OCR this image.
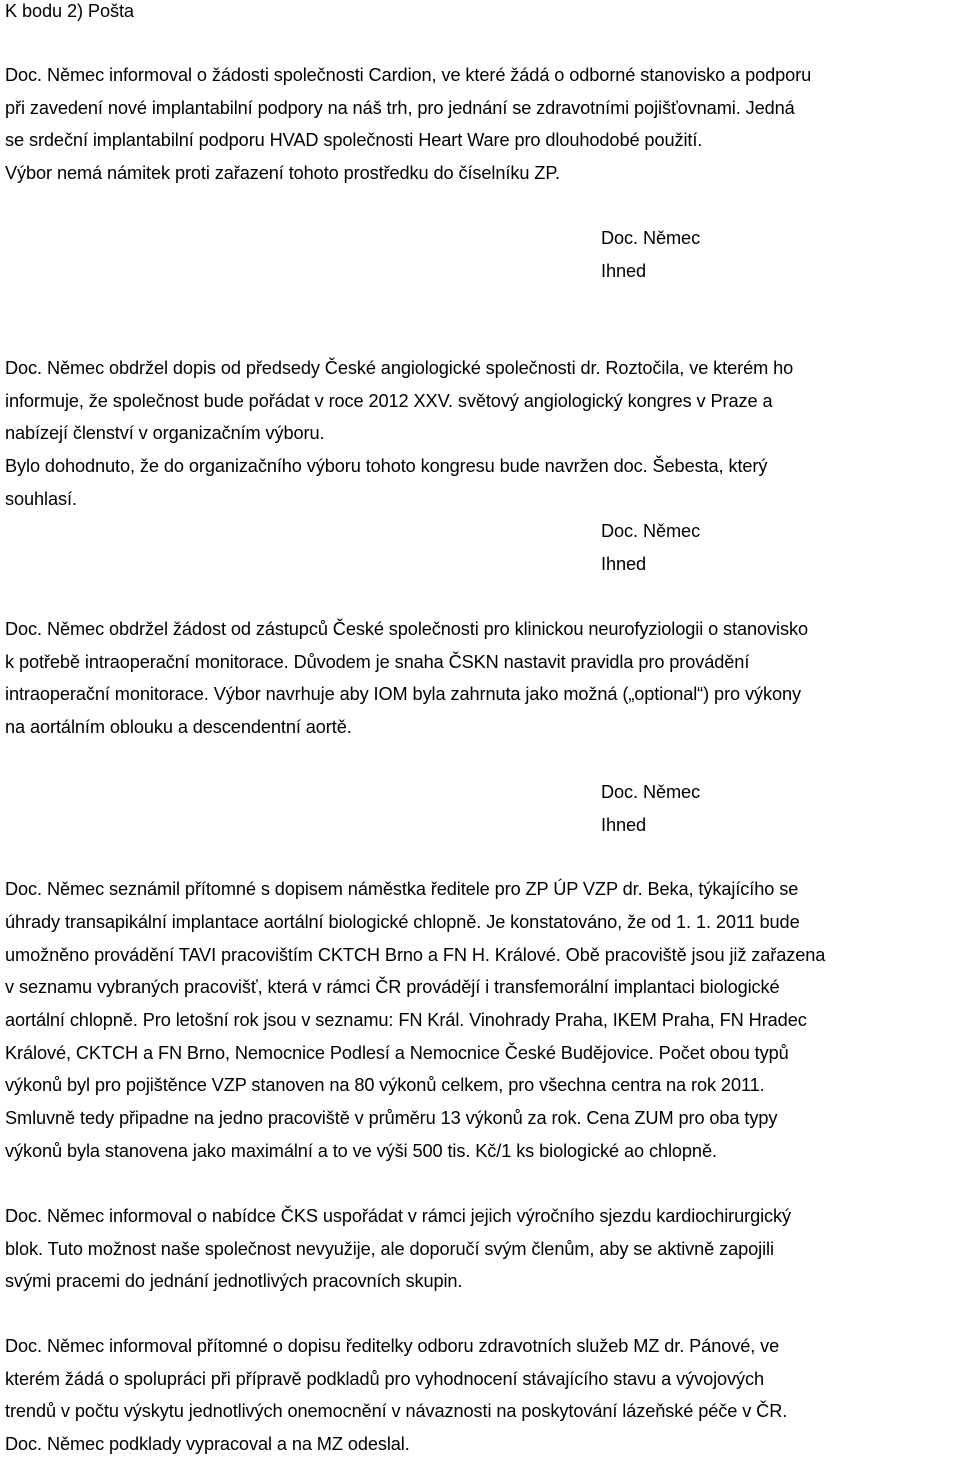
K bodu 2) Pošta
Doc. Němec informoval o žádosti společnosti Cardion, ve které žádá o odborné stanovisko a podporu
při zavedení nové implantabilní podpory na náš trh, pro jednání se zdravotními pojišťovnami. Jedná
se srdeční implantabilní podporu HVAD společnosti Heart Ware pro dlouhodobé použití.
Výbor nemá námitek proti zařazení tohoto prostředku do číselníku ZP.
Doc. Němec
Ihned
Doc. Němec obdržel dopis od předsedy České angiologické společnosti dr. Roztočila, ve kterém ho
informuje, že společnost bude pořádat v roce 2012 XXV. světový angiologický kongres v Praze a
nabízejí členství v organizačním výboru.
Bylo dohodnuto, že do organizačního výboru tohoto kongresu bude navržen doc. Šebesta, který
souhlasí.
Doc. Němec
Ihned
Doc. Němec obdržel žádost od zástupců České společnosti pro klinickou neurofyziologii o stanovisko
k potřebě intraoperační monitorace. Důvodem je snaha ČSKN nastavit pravidla pro provádění
intraoperační monitorace. Výbor navrhuje aby IOM byla zahrnuta jako možná („optional“) pro výkony
na aortálním oblouku a descendentní aortě.
Doc. Němec
Ihned
Doc. Němec seznámil přítomné s dopisem náměstka ředitele pro ZP ÚP VZP dr. Beka, týkajícího se
úhrady transapikální implantace aortální biologické chlopně. Je konstatováno, že od 1. 1. 2011 bude
umožněno provádění TAVI pracovištím CKTCH Brno a FN H. Králové. Obě pracoviště jsou již zařazena
v seznamu vybraných pracovišť, která v rámci ČR provádějí i transfemorální implantaci biologické
aortální chlopně. Pro letošní rok jsou v seznamu: FN Král. Vinohrady Praha, IKEM Praha, FN Hradec
Králové, CKTCH a FN Brno, Nemocnice Podlesí a Nemocnice České Budějovice. Počet obou typů
výkonů byl pro pojištěnce VZP stanoven na 80 výkonů celkem, pro všechna centra na rok 2011.
Smluvně tedy připadne na jedno pracoviště v průměru 13 výkonů za rok. Cena ZUM pro oba typy
výkonů byla stanovena jako maximální a to ve výši 500 tis. Kč/1 ks biologické ao chlopně.
Doc. Němec informoval o nabídce ČKS uspořádat v rámci jejich výročního sjezdu kardiochirurgický
blok. Tuto možnost naše společnost nevyužije, ale doporučí svým členům, aby se aktivně zapojili
svými pracemi do jednání jednotlivých pracovních skupin.
Doc. Němec informoval přítomné o dopisu ředitelky odboru zdravotních služeb MZ dr. Pánové, ve
kterém žádá o spolupráci při přípravě podkladů pro vyhodnocení stávajícího stavu a vývojových
trendů v počtu výskytu jednotlivých onemocnění v návaznosti na poskytování lázeňské péče v ČR.
Doc. Němec podklady vypracoval a na MZ odeslal.
